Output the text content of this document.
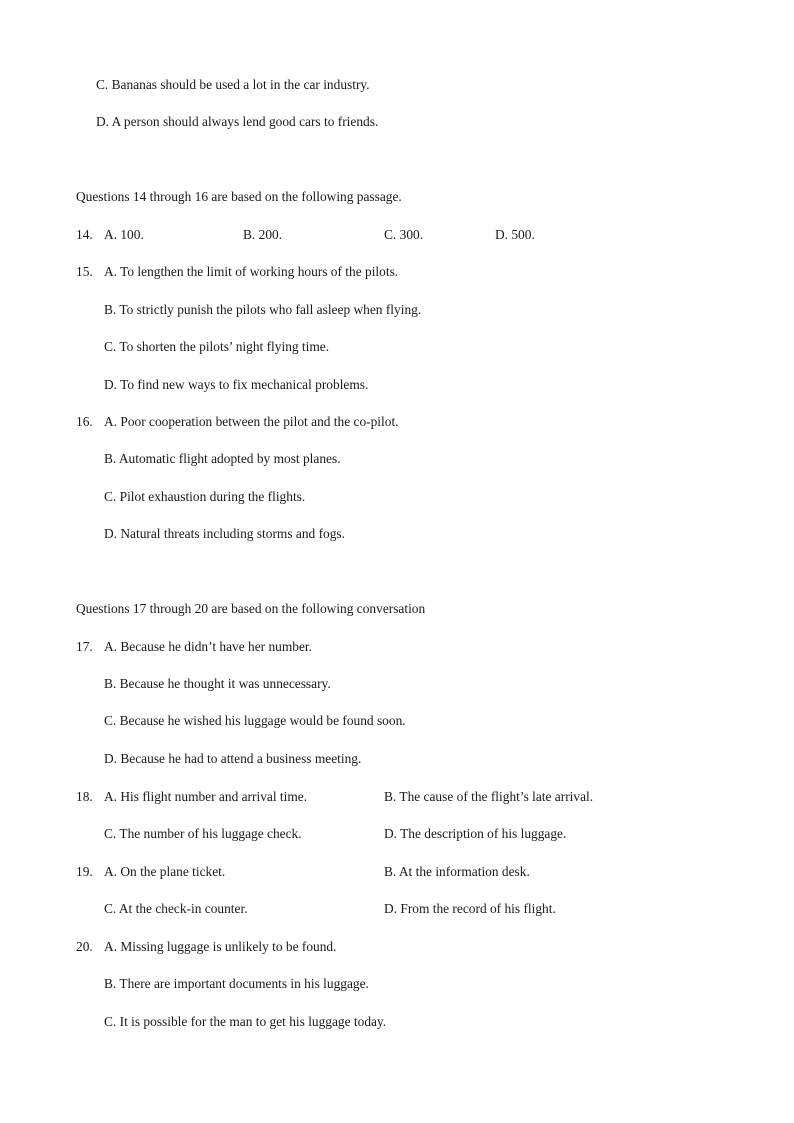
C. Bananas should be used a lot in the car industry.
D. A person should always lend good cars to friends.
Questions 14 through 16 are based on the following passage.
14. A. 100.	B. 200.	C. 300.	D. 500.
15. A. To lengthen the limit of working hours of the pilots.
B. To strictly punish the pilots who fall asleep when flying.
C. To shorten the pilots’ night flying time.
D. To find new ways to fix mechanical problems.
16. A. Poor cooperation between the pilot and the co-pilot.
B. Automatic flight adopted by most planes.
C. Pilot exhaustion during the flights.
D. Natural threats including storms and fogs.
Questions 17 through 20 are based on the following conversation
17. A. Because he didn’t have her number.
B. Because he thought it was unnecessary.
C. Because he wished his luggage would be found soon.
D. Because he had to attend a business meeting.
18. A. His flight number and arrival time.	B. The cause of the flight’s late arrival.
C. The number of his luggage check.	D. The description of his luggage.
19. A. On the plane ticket.	B. At the information desk.
C. At the check-in counter.	D. From the record of his flight.
20. A. Missing luggage is unlikely to be found.
B. There are important documents in his luggage.
C. It is possible for the man to get his luggage today.
